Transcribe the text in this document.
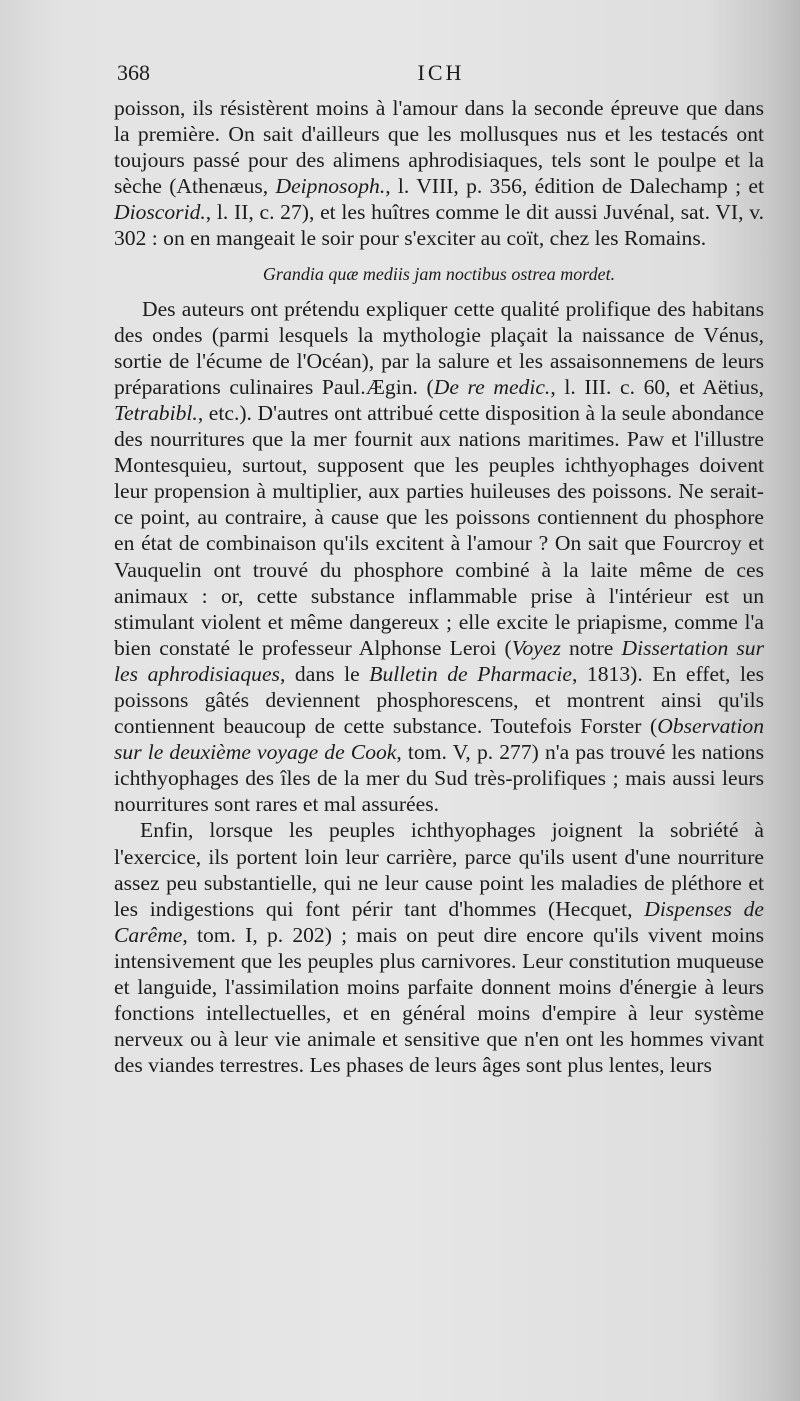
368	ICH

poisson, ils résistèrent moins à l'amour dans la seconde épreuve que dans la première. On sait d'ailleurs que les mollusques nus et les testacés ont toujours passé pour des alimens aphrodisiaques, tels sont le poulpe et la sèche (Athenæus, Deipnosoph., l. VIII, p. 356, édition de Dalechamp ; et Dioscorid., l. II, c. 27), et les huîtres comme le dit aussi Juvénal, sat. VI, v. 302 : on en mangeait le soir pour s'exciter au coït, chez les Romains.

Grandia quæ mediis jam noctibus ostrea mordet.

Des auteurs ont prétendu expliquer cette qualité prolifique des habitans des ondes (parmi lesquels la mythologie plaçait la naissance de Vénus, sortie de l'écume de l'Océan), par la salure et les assaisonnemens de leurs préparations culinaires Paul.Ægin. (De re medic., l. III. c. 60, et Aëtius, Tetrabibl., etc.). D'autres ont attribué cette disposition à la seule abondance des nourritures que la mer fournit aux nations maritimes. Paw et l'illustre Montesquieu, surtout, supposent que les peuples ichthyophages doivent leur propension à multiplier, aux parties huileuses des poissons. Ne serait-ce point, au contraire, à cause que les poissons contiennent du phosphore en état de combinaison qu'ils excitent à l'amour ? On sait que Fourcroy et Vauquelin ont trouvé du phosphore combiné à la laite même de ces animaux : or, cette substance inflammable prise à l'intérieur est un stimulant violent et même dangereux ; elle excite le priapisme, comme l'a bien constaté le professeur Alphonse Leroi (Voyez notre Dissertation sur les aphrodisiaques, dans le Bulletin de Pharmacie, 1813). En effet, les poissons gâtés deviennent phosphorescens, et montrent ainsi qu'ils contiennent beaucoup de cette substance. Toutefois Forster (Observation sur le deuxième voyage de Cook, tom. V, p. 277) n'a pas trouvé les nations ichthyophages des îles de la mer du Sud très-prolifiques ; mais aussi leurs nourritures sont rares et mal assurées.

Enfin, lorsque les peuples ichthyophages joignent la sobriété à l'exercice, ils portent loin leur carrière, parce qu'ils usent d'une nourriture assez peu substantielle, qui ne leur cause point les maladies de pléthore et les indigestions qui font périr tant d'hommes (Hecquet, Dispenses de Carême, tom. I, p. 202) ; mais on peut dire encore qu'ils vivent moins intensivement que les peuples plus carnivores. Leur constitution muqueuse et languide, l'assimilation moins parfaite donnent moins d'énergie à leurs fonctions intellectuelles, et en général moins d'empire à leur système nerveux ou à leur vie animale et sensitive que n'en ont les hommes vivant des viandes terrestres. Les phases de leurs âges sont plus lentes, leurs
